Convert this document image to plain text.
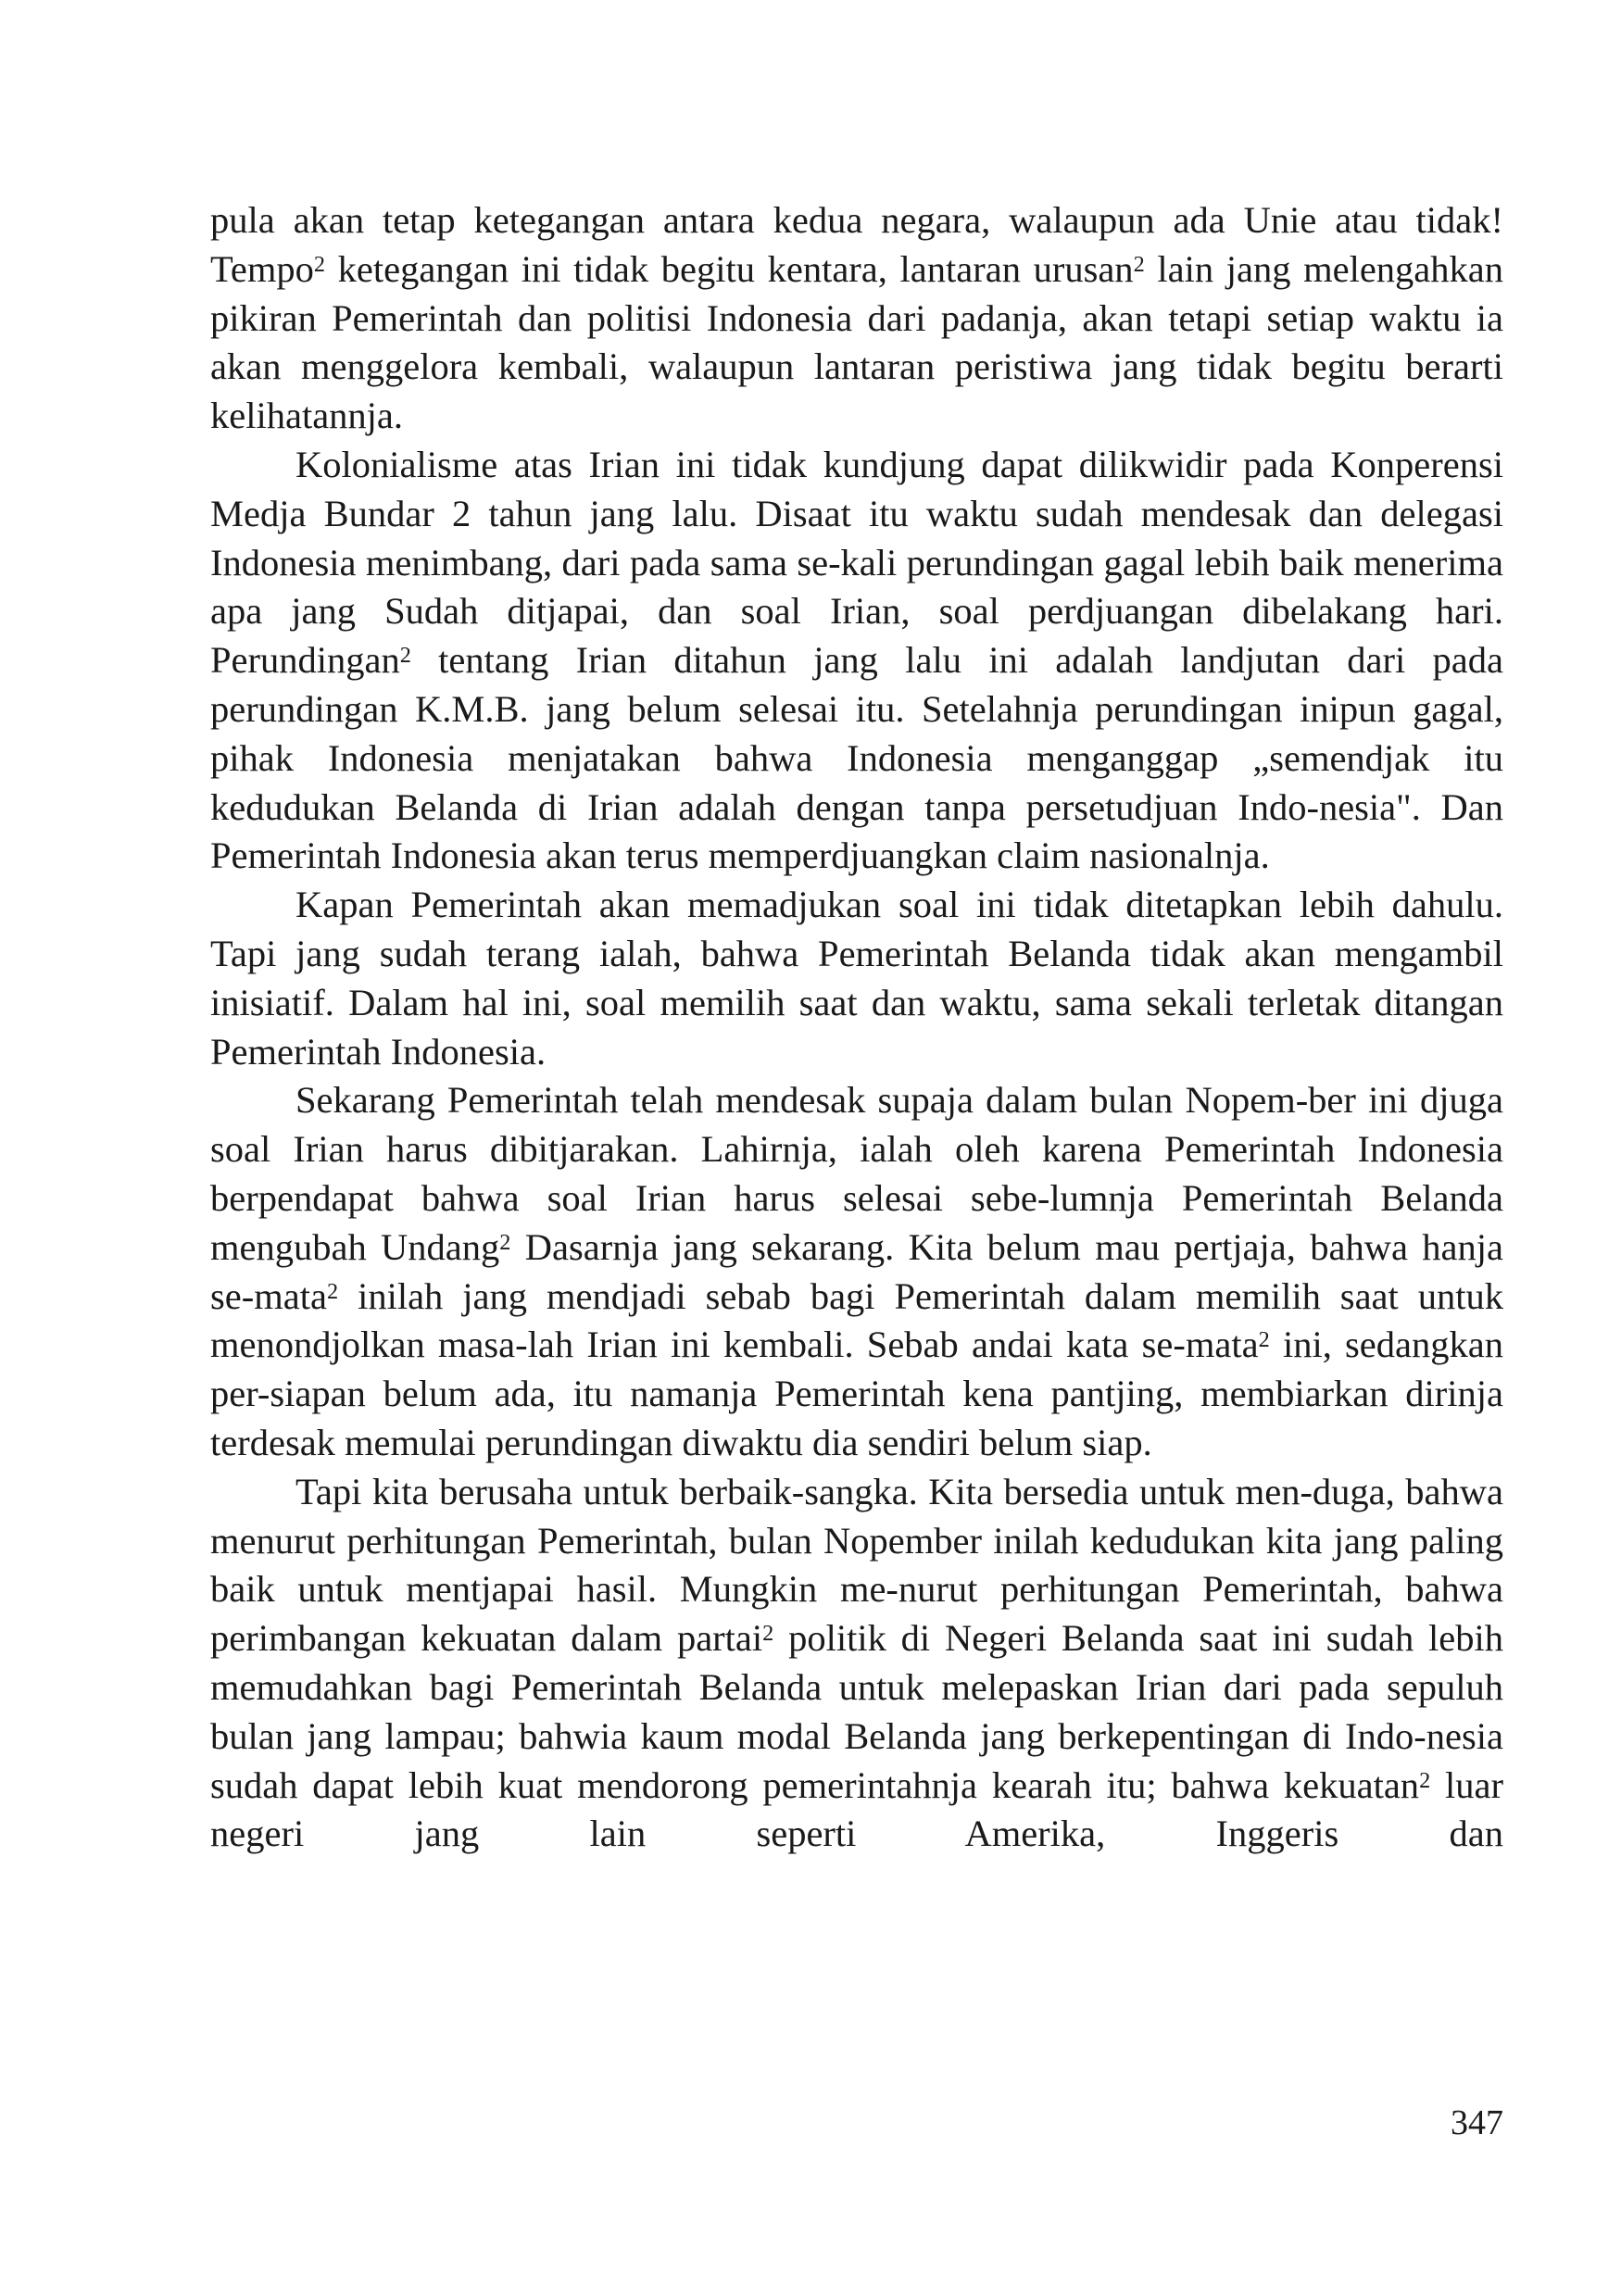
pula akan tetap ketegangan antara kedua negara, walaupun ada Unie atau tidak! Tempo$^2$ ketegangan ini tidak begitu kentara, lantaran urusan$^2$ lain jang melengahkan pikiran Pemerintah dan politisi Indonesia dari padanja, akan tetapi setiap waktu ia akan menggelora kembali, walaupun lantaran peristiwa jang tidak begitu berarti kelihatannja.

Kolonialisme atas Irian ini tidak kundjung dapat dilikwidir pada Konperensi Medja Bundar 2 tahun jang lalu. Disaat itu waktu sudah mendesak dan delegasi Indonesia menimbang, dari pada sama se-kali perundingan gagal lebih baik menerima apa jang Sudah ditjapai, dan soal Irian, soal perdjuangan dibelakang hari. Perundingan$^2$ tentang Irian ditahun jang lalu ini adalah landjutan dari pada perundingan K.M.B. jang belum selesai itu. Setelahnja perundingan inipun gagal, pihak Indonesia menjatakan bahwa Indonesia menganggap „semendjak itu kedudukan Belanda di Irian adalah dengan tanpa persetudjuan Indo-nesia". Dan Pemerintah Indonesia akan terus memperdjuangkan claim nasionalnja.

Kapan Pemerintah akan memadjukan soal ini tidak ditetapkan lebih dahulu. Tapi jang sudah terang ialah, bahwa Pemerintah Belanda tidak akan mengambil inisiatif. Dalam hal ini, soal memilih saat dan waktu, sama sekali terletak ditangan Pemerintah Indonesia.

Sekarang Pemerintah telah mendesak supaja dalam bulan Nopem-ber ini djuga soal Irian harus dibitjarakan. Lahirnja, ialah oleh karena Pemerintah Indonesia berpendapat bahwa soal Irian harus selesai sebe-lumnja Pemerintah Belanda mengubah Undang$^2$ Dasarnja jang sekarang. Kita belum mau pertjaja, bahwa hanja se-mata$^2$ inilah jang mendjadi sebab bagi Pemerintah dalam memilih saat untuk menondjolkan masa-lah Irian ini kembali. Sebab andai kata se-mata$^2$ ini, sedangkan per-siapan belum ada, itu namanja Pemerintah kena pantjing, membiarkan dirinja terdesak memulai perundingan diwaktu dia sendiri belum siap.

Tapi kita berusaha untuk berbaik-sangka. Kita bersedia untuk men-duga, bahwa menurut perhitungan Pemerintah, bulan Nopember inilah kedudukan kita jang paling baik untuk mentjapai hasil. Mungkin me-nurut perhitungan Pemerintah, bahwa perimbangan kekuatan dalam partai$^2$ politik di Negeri Belanda saat ini sudah lebih memudahkan bagi Pemerintah Belanda untuk melepaskan Irian dari pada sepuluh bulan jang lampau; bahwia kaum modal Belanda jang berkepentingan di Indo-nesia sudah dapat lebih kuat mendorong pemerintahnja kearah itu; bahwa kekuatan$^2$ luar negeri jang lain seperti Amerika, Inggeris dan

347
